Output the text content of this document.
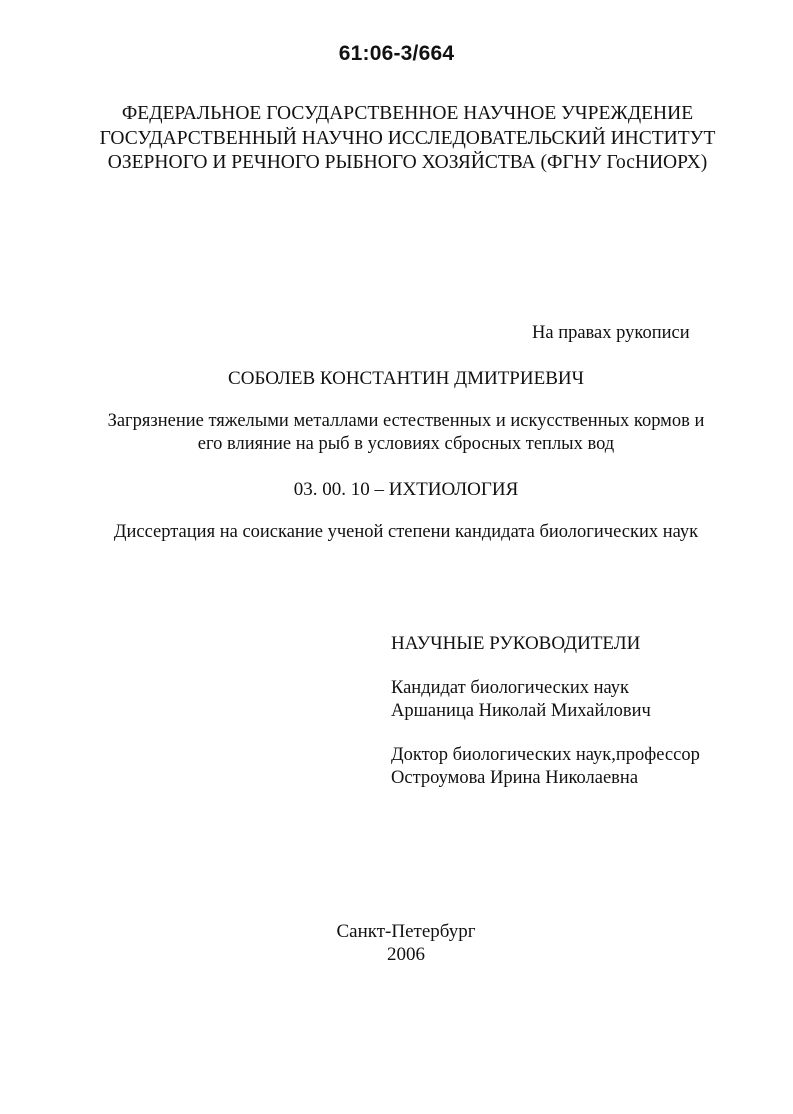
61:06-3/664
ФЕДЕРАЛЬНОЕ ГОСУДАРСТВЕННОЕ НАУЧНОЕ УЧРЕЖДЕНИЕ
ГОСУДАРСТВЕННЫЙ НАУЧНО ИССЛЕДОВАТЕЛЬСКИЙ ИНСТИТУТ
ОЗЕРНОГО И РЕЧНОГО РЫБНОГО ХОЗЯЙСТВА (ФГНУ ГосНИОРХ)
На правах рукописи
СОБОЛЕВ КОНСТАНТИН ДМИТРИЕВИЧ
Загрязнение тяжелыми металлами естественных и искусственных кормов и
его влияние на рыб в условиях сбросных теплых вод
03. 00. 10 – ИХТИОЛОГИЯ
Диссертация на соискание ученой степени кандидата биологических наук
НАУЧНЫЕ РУКОВОДИТЕЛИ
Кандидат биологических наук
Аршаница Николай Михайлович
Доктор биологических наук,профессор
Остроумова Ирина Николаевна
Санкт-Петербург
2006
